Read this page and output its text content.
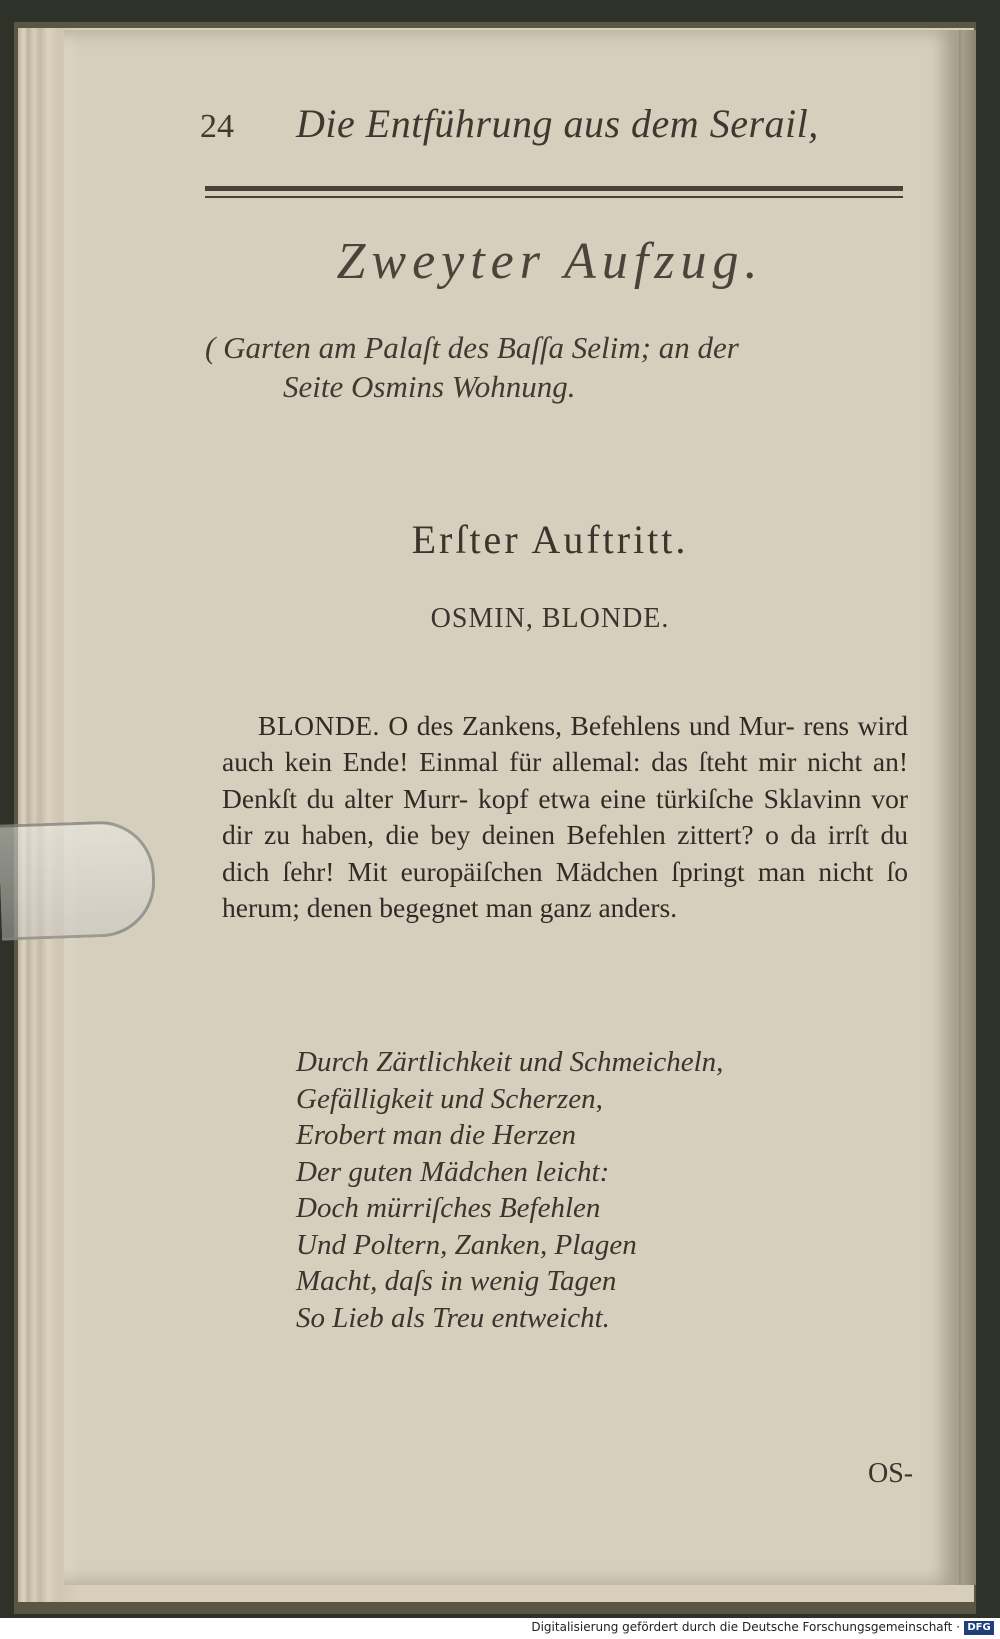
24 Die Entführung aus dem Serail,
Zweyter Aufzug.
( Garten am Palaſt des Baſſa Selim; an der
Seite Osmins Wohnung.
Erſter Auftritt.
OSMIN, BLONDE.
BLONDE. O des Zankens, Befehlens und Mur- rens wird auch kein Ende! Einmal für allemal: das ſteht mir nicht an! Denkſt du alter Murr- kopf etwa eine türkiſche Sklavinn vor dir zu haben, die bey deinen Befehlen zittert? o da irrſt du dich ſehr! Mit europäiſchen Mädchen ſpringt man nicht ſo herum; denen begegnet man ganz anders.
Durch Zärtlichkeit und Schmeicheln,
Gefälligkeit und Scherzen,
Erobert man die Herzen
Der guten Mädchen leicht:
Doch mürriſches Befehlen
Und Poltern, Zanken, Plagen
Macht, daſs in wenig Tagen
So Lieb als Treu entweicht.
OS-
Digitalisierung gefördert durch die Deutsche Forschungsgemeinschaft · DFG
